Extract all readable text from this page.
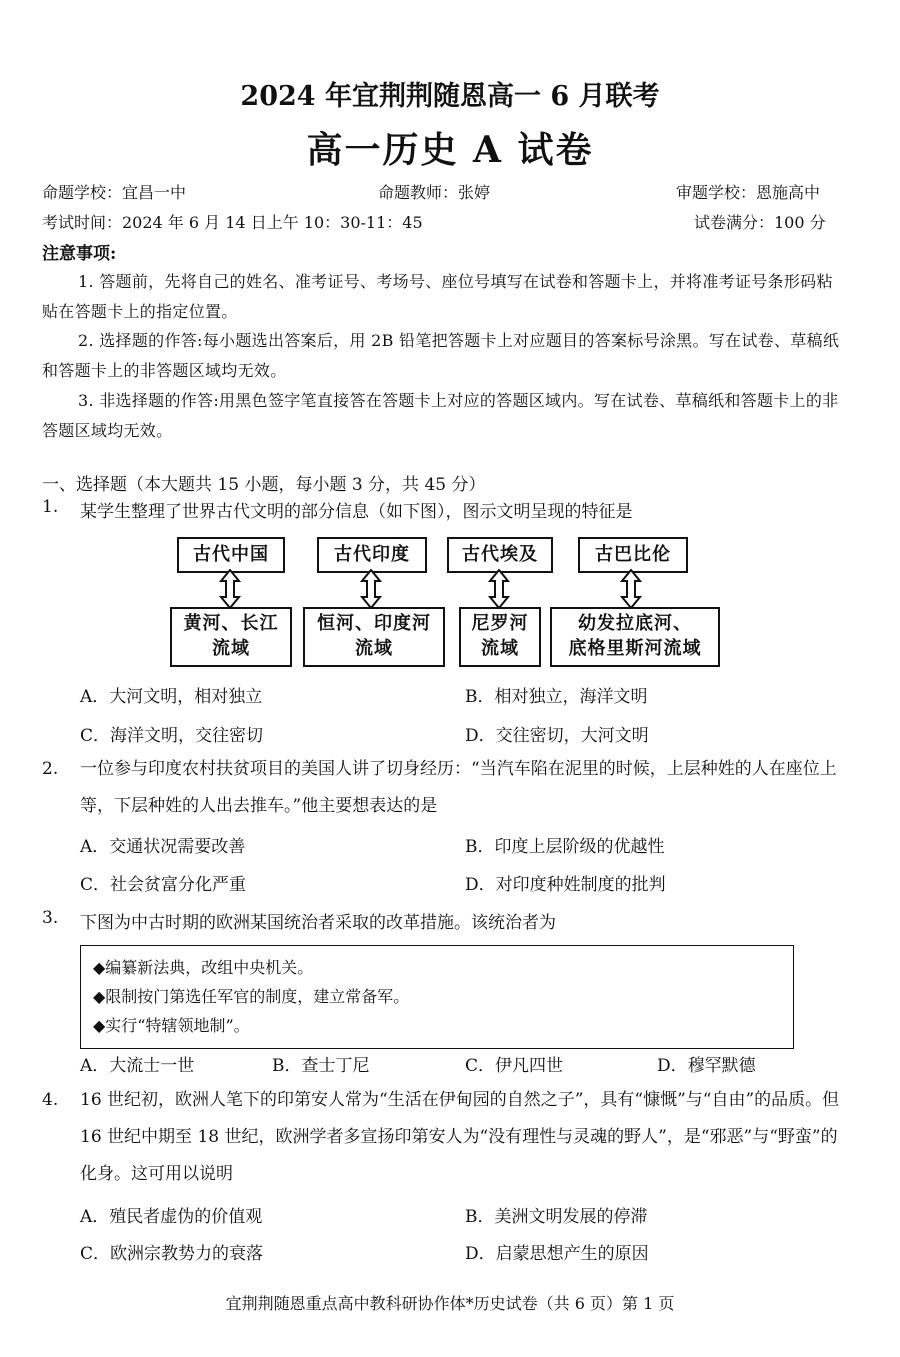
2024 年宜荆荆随恩高一 6 月联考
高一历史 A 试卷
命题学校：宜昌一中	命题教师：张婷	审题学校：恩施高中
考试时间：2024 年 6 月 14 日上午 10：30-11：45	试卷满分：100 分
注意事项:
1. 答题前，先将自己的姓名、准考证号、考场号、座位号填写在试卷和答题卡上，并将准考证号条形码粘贴在答题卡上的指定位置。
2. 选择题的作答:每小题选出答案后，用 2B 铅笔把答题卡上对应题目的答案标号涂黑。写在试卷、草稿纸和答题卡上的非答题区域均无效。
3. 非选择题的作答:用黑色签字笔直接答在答题卡上对应的答题区域内。写在试卷、草稿纸和答题卡上的非答题区域均无效。
一、选择题（本大题共 15 小题，每小题 3 分，共 45 分）
1. 某学生整理了世界古代文明的部分信息（如下图），图示文明呈现的特征是
古代中国	古代印度	古代埃及	古巴比伦
黄河、长江
流域
恒河、印度河
流域
尼罗河
流域
幼发拉底河、
底格里斯河流域
A．大河文明，相对独立	B．相对独立，海洋文明
C．海洋文明，交往密切	D．交往密切，大河文明
2. 一位参与印度农村扶贫项目的美国人讲了切身经历：“当汽车陷在泥里的时候，上层种姓的人在座位上等，下层种姓的人出去推车。”他主要想表达的是
A．交通状况需要改善	B．印度上层阶级的优越性
C．社会贫富分化严重	D．对印度种姓制度的批判
3. 下图为中古时期的欧洲某国统治者采取的改革措施。该统治者为
◆编纂新法典，改组中央机关。
◆限制按门第选任军官的制度，建立常备军。
◆实行“特辖领地制”。
A．大流士一世	B．查士丁尼	C．伊凡四世	D．穆罕默德
4. 16 世纪初，欧洲人笔下的印第安人常为“生活在伊甸园的自然之子”，具有“慷慨”与“自由”的品质。但 16 世纪中期至 18 世纪，欧洲学者多宣扬印第安人为“没有理性与灵魂的野人”，是“邪恶”与“野蛮”的化身。这可用以说明
A．殖民者虚伪的价值观	B．美洲文明发展的停滞
C．欧洲宗教势力的衰落	D．启蒙思想产生的原因
宜荆荆随恩重点高中教科研协作体*历史试卷（共 6 页）第 1 页
